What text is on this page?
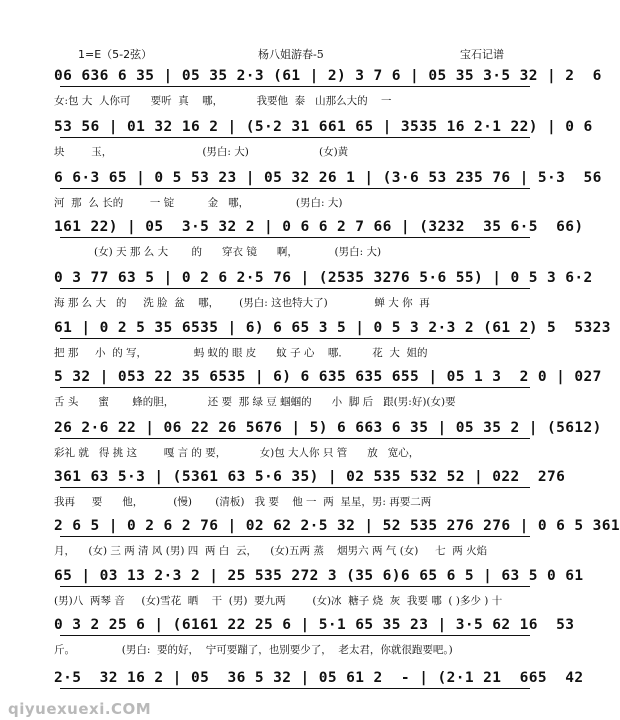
1=E（5-2弦）	杨八姐游春-5	宝石记谱
06 636 6 35 | 05 35 2·3 (61 | 2) 3 7 6 | 05 35 3·5 32 | 2  6
女:包 大  人你可      要听  真    哪，          我要他  泰   山那么大的    一
53 56 | 01 32 16 2 | (5·2 31 661 65 | 3535 16 2·1 22) | 0 6
块        玉，                           (男白: 大)                     (女)黄
6 6·3 65 | 0 5 53 23 | 05 32 26 1 | (3·6 53 235 76 | 5·3  56
河  那  么 长的        一 锭          金   哪，              (男白: 大)
161 22) | 05  3·5 32 2 | 0 6 6 2 7 66 | (3232  35 6·5  66)
(女) 天 那 么 大       的      穿衣 镜      啊，           (男白: 大)
0 3 77 63 5 | 0 2 6 2·5 76 | (2535 3276 5·6 55) | 0 5 3 6·2
海 那 么 大   的     洗 脸  盆    哪，      (男白: 这也特大了)              蝉 大 你  再
61 | 0 2 5 35 6535 | 6) 6 65 3 5 | 0 5 3 2·3 2 (61 2) 5  5323
把 那     小  的 写，              蚂 蚁的 眼 皮      蚊 子 心    哪．       花  大  姐的
5 32 | 053 22 35 6535 | 6) 6 635 635 655 | 05 1 3  2 0 | 027
舌 头      蜜       蜂的胆，          还 要  那 绿 豆 蝈蝈的      小  脚 后   跟(男:好)(女)要
26 2·6 22 | 06 22 26 5676 | 5) 6 663 6 35 | 05 35 2 | (5612)
彩礼 就   得 挑 这        嘎 言 的 要，          女)包 大人你 只 管      放   宽心，
361 63 5·3 | (5361 63 5·6 35) | 02 535 532 52 | 022  276
我再     要      他，         (慢)       (清板)   我 要    他 一  两  星星，男: 再要二两
2 6 5 | 0 2 6 2 76 | 02 62 2·5 32 | 52 535 276 276 | 0 6 5 361
月，    (女) 三 两 清 风 (男) 四  两 白  云，    (女)五两 蒸    烟男六 两 气 (女)     七  两 火焰
65 | 03 13 2·3 2 | 25 535 272 3 (35 6)6 65 6 5 | 63 5 0 61
(男)八  两琴 音     (女)雪花  晒    干  (男)  要九两        (女)冰  糖子 烧  灰  我要 哪  ( )多少 ) 十
0 3 2 25 6 | (6161 22 25 6 | 5·1 65 35 23 | 3·5 62 16  53
斤。              (男白:  要的好，  宁可要蹦了，也别要少了，  老太君，你就很跑要吧。)
2·5  32 16 2 | 05  36 5 32 | 05 61 2  - | (2·1 21  665  42
qiyuexuexi.COM
